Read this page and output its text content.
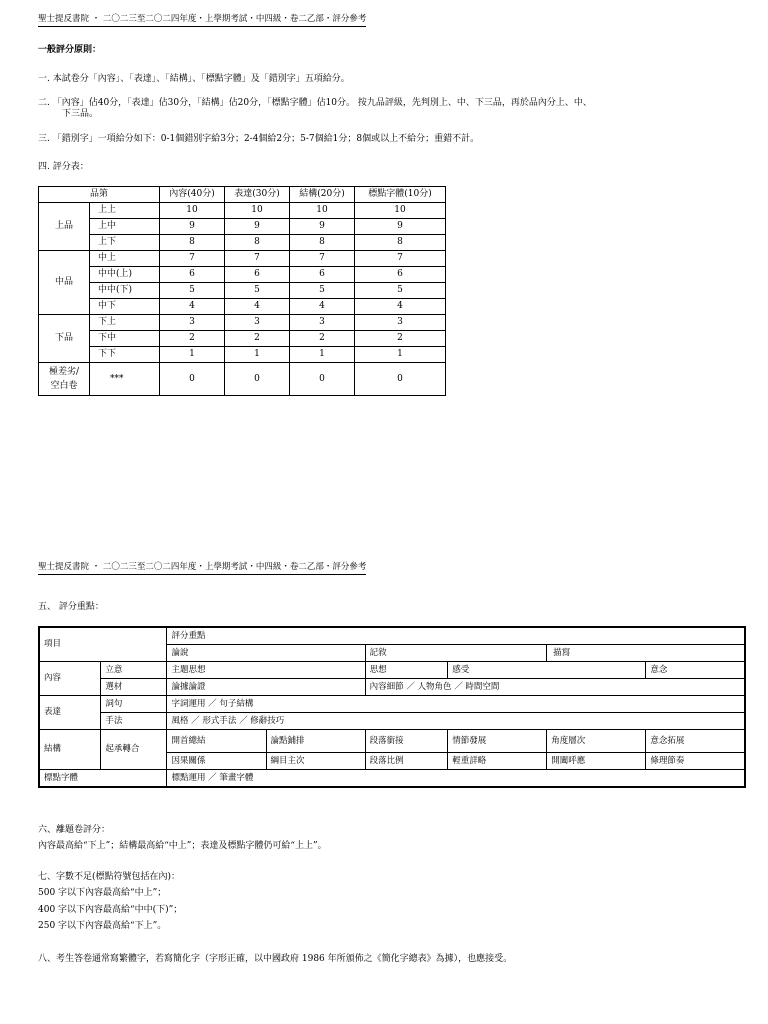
聖士提反書院 ・ 二〇二三至二〇二四年度・上學期考試・中四級・卷二乙部・評分參考
一般評分原則：
一. 本試卷分「內容」、「表達」、「結構」、「標點字體」及「錯別字」五項給分。
二. 「內容」佔40分，「表達」佔30分，「結構」佔20分，「標點字體」佔10分。 按九品評級，先判別上、中、下三品，再於品內分上、中、
下三品。
三. 「錯別字」一項給分如下：0-1個錯別字給3分；2-4個給2分；5-7個給1分；8個或以上不給分；重錯不計。
四. 評分表：
品第		內容(40分)	表達(30分)	結構(20分)	標點字體(10分)
上品	上上	10	10	10	10
	上中	9	9	9	9
	上下	8	8	8	8
中品	中上	7	7	7	7
	中中(上)	6	6	6	6
	中中(下)	5	5	5	5
	中下	4	4	4	4
下品	下上	3	3	3	3
	下中	2	2	2	2
	下下	1	1	1	1
極差劣/
空白卷	***	0	0	0	0
聖士提反書院 ・ 二〇二三至二〇二四年度・上學期考試・中四級・卷二乙部・評分參考
五、 評分重點：
項目		評分重點					
		論說		記敘		描寫	
內容	立意	主題思想		思想	感受		意念
	選材	論據論證		內容細節 ／ 人物角色 ／ 時間空間			
表達	詞句	字詞運用 ／ 句子結構					
	手法	風格 ／ 形式手法 ／ 修辭技巧					
結構	起承轉合	開首總結	論點鋪排	段落銜接	情節發展	角度層次	意念拓展
		因果關係	綱目主次	段落比例	輕重詳略	開闔呼應	條理節奏
標點字體		標點運用 ／ 筆畫字體					
六、離題卷評分：
內容最高給“下上”；結構最高給“中上”；表達及標點字體仍可給“上上”。
七、字數不足(標點符號包括在內)：
500 字以下內容最高給“中上”；
400 字以下內容最高給“中中(下)”；
250 字以下內容最高給“下上”。
八、考生答卷通常寫繁體字，若寫簡化字（字形正確，以中國政府 1986 年所頒佈之《簡化字總表》為據），也應接受。
